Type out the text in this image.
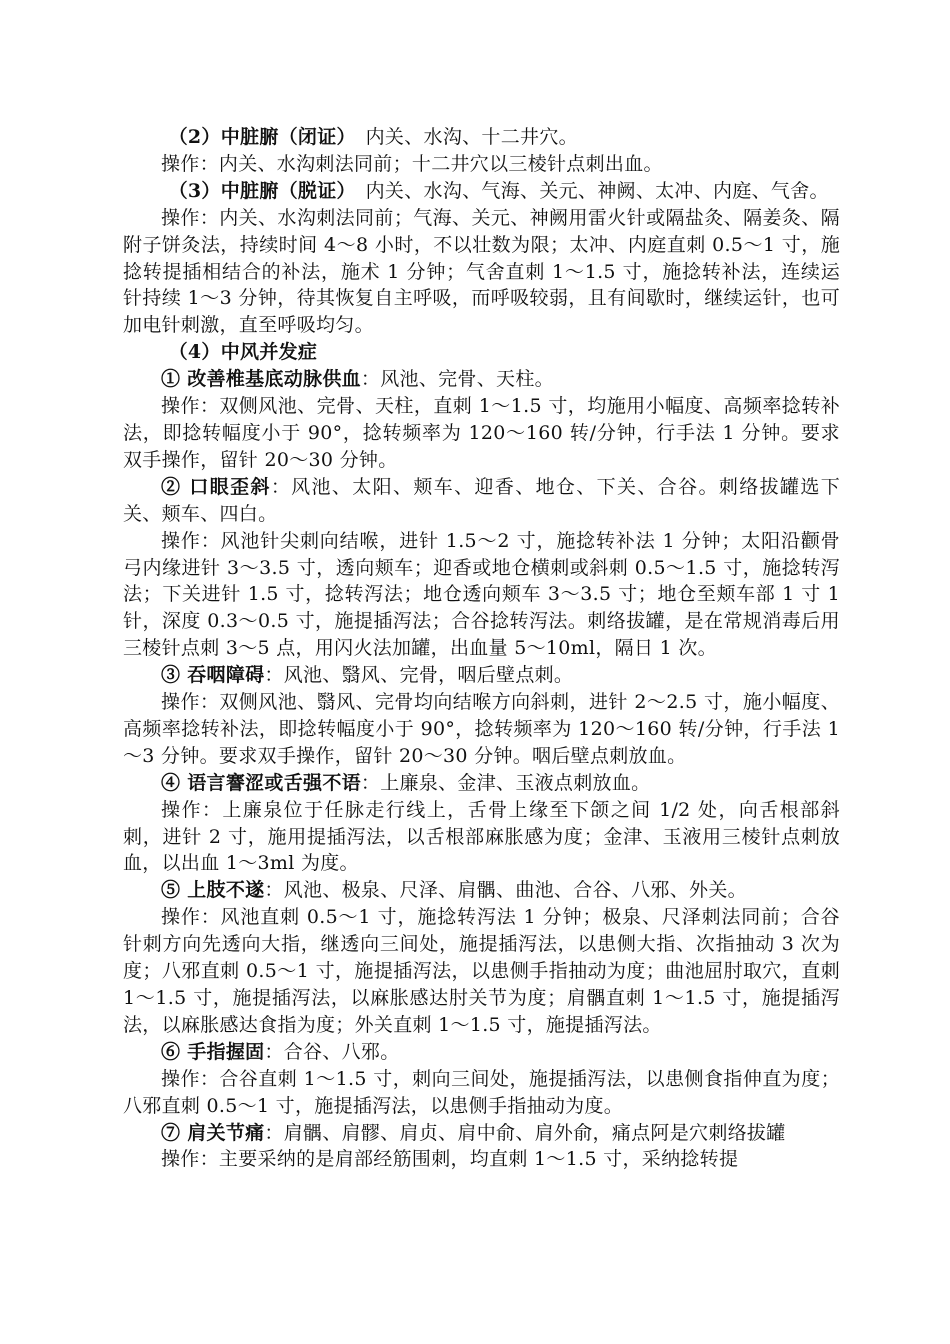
（2）中脏腑（闭证）　内关、水沟、十二井穴。

操作：内关、水沟刺法同前；十二井穴以三棱针点刺出血。

（3）中脏腑（脱证）　内关、水沟、气海、关元、神阙、太冲、内庭、气舍。

操作：内关、水沟刺法同前；气海、关元、神阙用雷火针或隔盐灸、隔姜灸、隔附子饼灸法，持续时间 4～8 小时，不以壮数为限；太冲、内庭直刺 0.5～1 寸，施捻转提插相结合的补法，施术 1 分钟；气舍直刺 1～1.5 寸，施捻转补法，连续运针持续 1～3 分钟，待其恢复自主呼吸，而呼吸较弱，且有间歇时，继续运针，也可加电针刺激，直至呼吸均匀。

（4）中风并发症

① 改善椎基底动脉供血：风池、完骨、天柱。

操作：双侧风池、完骨、天柱，直刺 1～1.5 寸，均施用小幅度、高频率捻转补法，即捻转幅度小于 90°，捻转频率为 120～160 转/分钟，行手法 1 分钟。要求双手操作，留针 20～30 分钟。

② 口眼歪斜：风池、太阳、颊车、迎香、地仓、下关、合谷。刺络拔罐选下关、颊车、四白。

操作：风池针尖刺向结喉，进针 1.5～2 寸，施捻转补法 1 分钟；太阳沿颧骨弓内缘进针 3～3.5 寸，透向颊车；迎香或地仓横刺或斜刺 0.5～1.5 寸，施捻转泻法；下关进针 1.5 寸，捻转泻法；地仓透向颊车 3～3.5 寸；地仓至颊车部 1 寸 1 针，深度 0.3～0.5 寸，施提插泻法；合谷捻转泻法。刺络拔罐，是在常规消毒后用三棱针点刺 3～5 点，用闪火法加罐，出血量 5～10ml，隔日 1 次。

③ 吞咽障碍：风池、翳风、完骨，咽后壁点刺。

操作：双侧风池、翳风、完骨均向结喉方向斜刺，进针 2～2.5 寸，施小幅度、高频率捻转补法，即捻转幅度小于 90°，捻转频率为 120～160 转/分钟，行手法 1～3 分钟。要求双手操作，留针 20～30 分钟。咽后壁点刺放血。

④ 语言謇涩或舌强不语：上廉泉、金津、玉液点刺放血。

操作：上廉泉位于任脉走行线上，舌骨上缘至下颌之间 1/2 处，向舌根部斜刺，进针 2 寸，施用提插泻法，以舌根部麻胀感为度；金津、玉液用三棱针点刺放血，以出血 1～3ml 为度。

⑤ 上肢不遂：风池、极泉、尺泽、肩髃、曲池、合谷、八邪、外关。

操作：风池直刺 0.5～1 寸，施捻转泻法 1 分钟；极泉、尺泽刺法同前；合谷针刺方向先透向大指，继透向三间处，施提插泻法，以患侧大指、次指抽动 3 次为度；八邪直刺 0.5～1 寸，施提插泻法，以患侧手指抽动为度；曲池屈肘取穴，直刺 1～1.5 寸，施提插泻法，以麻胀感达肘关节为度；肩髃直刺 1～1.5 寸，施提插泻法，以麻胀感达食指为度；外关直刺 1～1.5 寸，施提插泻法。

⑥ 手指握固：合谷、八邪。

操作：合谷直刺 1～1.5 寸，刺向三间处，施提插泻法，以患侧食指伸直为度；八邪直刺 0.5～1 寸，施提插泻法，以患侧手指抽动为度。

⑦ 肩关节痛：肩髃、肩髎、肩贞、肩中俞、肩外俞，痛点阿是穴刺络拔罐

操作：主要采纳的是肩部经筋围刺，均直刺 1～1.5 寸，采纳捻转提
